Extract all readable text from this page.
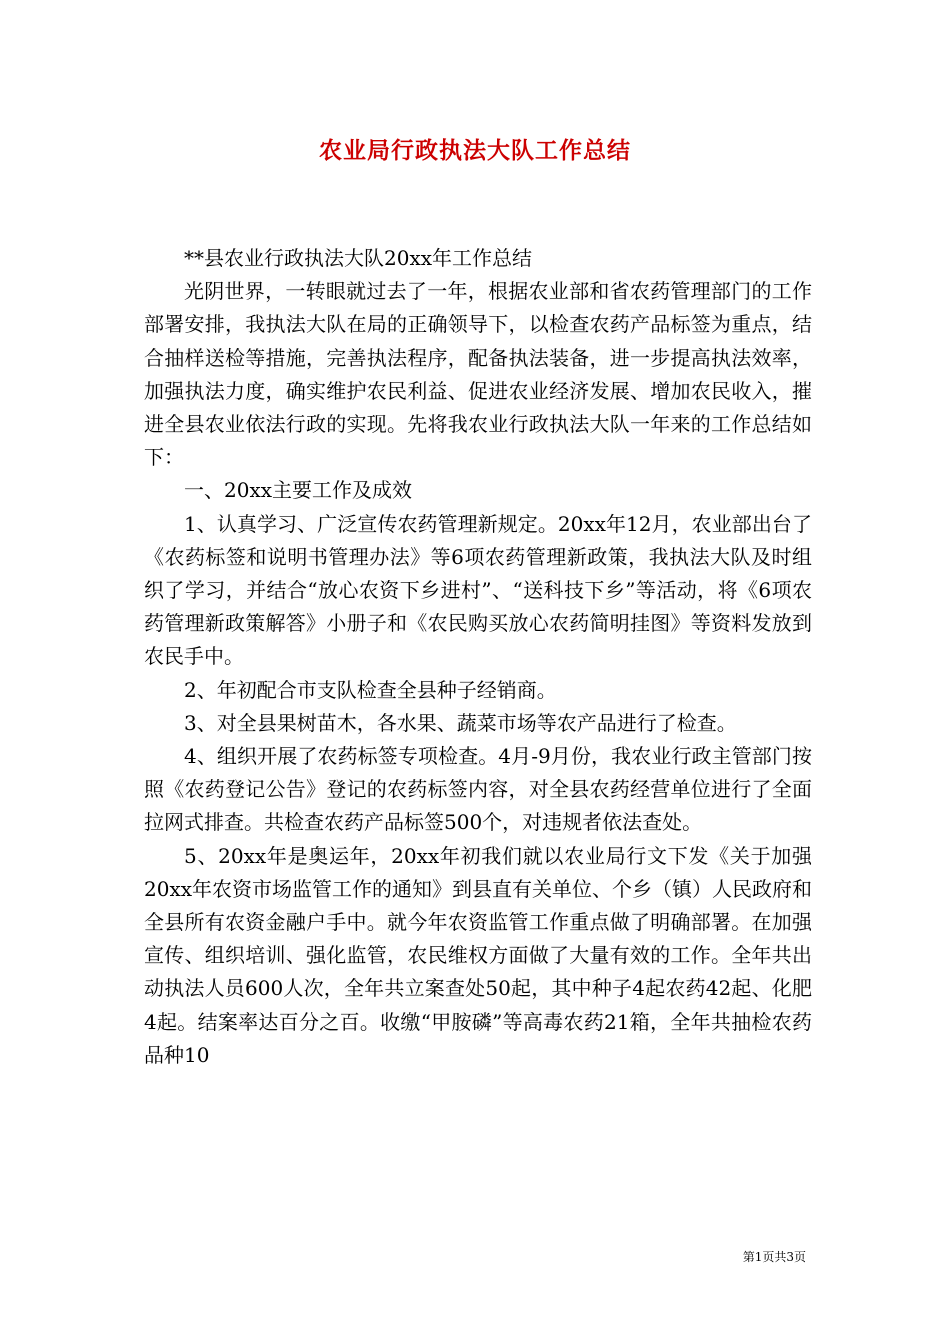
农业局行政执法大队工作总结

**县农业行政执法大队20xx年工作总结

光阴世界，一转眼就过去了一年，根据农业部和省农药管理部门的工作部署安排，我执法大队在局的正确领导下，以检查农药产品标签为重点，结合抽样送检等措施，完善执法程序，配备执法装备，进一步提高执法效率，加强执法力度，确实维护农民利益、促进农业经济发展、增加农民收入，摧进全县农业依法行政的实现。先将我农业行政执法大队一年来的工作总结如下：

一、20xx主要工作及成效

1、认真学习、广泛宣传农药管理新规定。20xx年12月，农业部出台了《农药标签和说明书管理办法》等6项农药管理新政策，我执法大队及时组织了学习，并结合“放心农资下乡进村”、“送科技下乡”等活动，将《6项农药管理新政策解答》小册子和《农民购买放心农药简明挂图》等资料发放到农民手中。

2、年初配合市支队检查全县种子经销商。

3、对全县果树苗木，各水果、蔬菜市场等农产品进行了检查。

4、组织开展了农药标签专项检查。4月-9月份，我农业行政主管部门按照《农药登记公告》登记的农药标签内容，对全县农药经营单位进行了全面拉网式排查。共检查农药产品标签500个，对违规者依法查处。

5、20xx年是奥运年，20xx年初我们就以农业局行文下发《关于加强20xx年农资市场监管工作的通知》到县直有关单位、个乡（镇）人民政府和全县所有农资金融户手中。就今年农资监管工作重点做了明确部署。在加强宣传、组织培训、强化监管，农民维权方面做了大量有效的工作。全年共出动执法人员600人次，全年共立案查处50起，其中种子4起农药42起、化肥4起。结案率达百分之百。收缴“甲胺磷”等高毒农药21箱，全年共抽检农药品种10

第1页共3页
